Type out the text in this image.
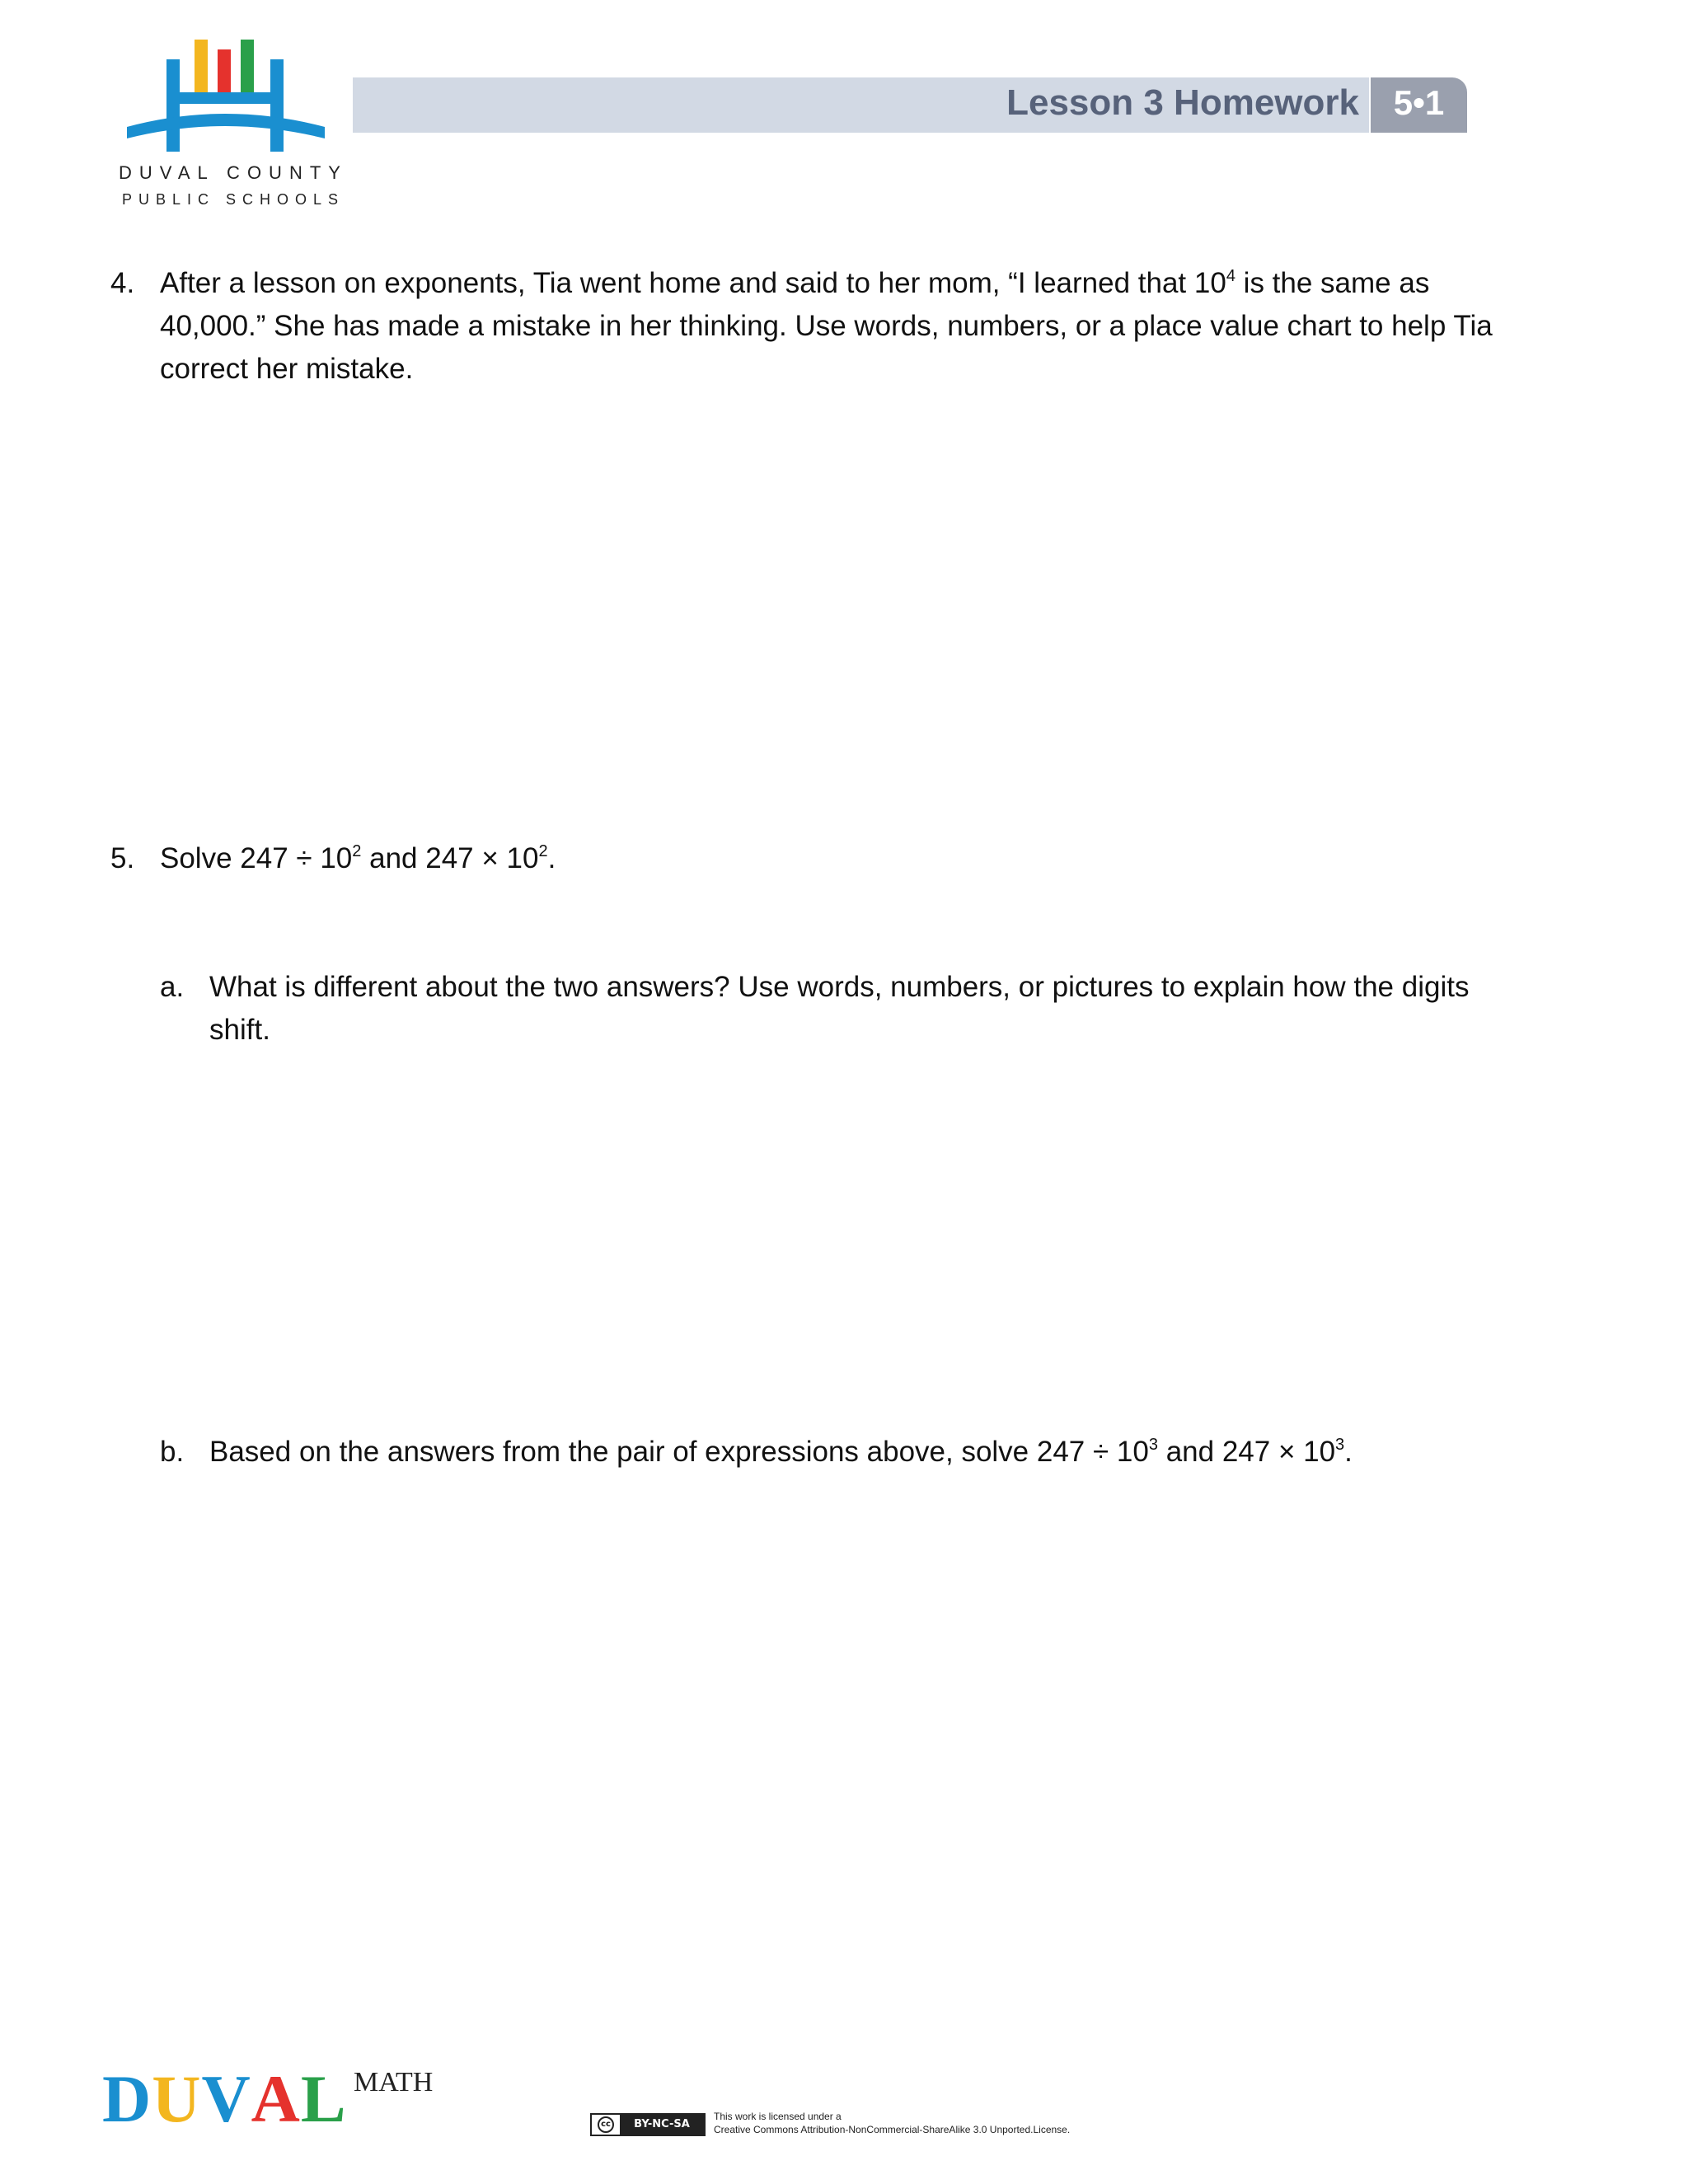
DUVAL COUNTY
PUBLIC SCHOOLS
Lesson 3 Homework 5•1
4. After a lesson on exponents, Tia went home and said to her mom, “I learned that $10^4$ is the same as
40,000.” She has made a mistake in her thinking. Use words, numbers, or a place value chart to help Tia
correct her mistake.
5. Solve $247 \div 10^2$ and $247 \times 10^2$.
a. What is different about the two answers? Use words, numbers, or pictures to explain how the digits
shift.
b. Based on the answers from the pair of expressions above, solve $247 \div 10^3$ and $247 \times 10^3$.
DUVAL MATH
cc	BY-NC-SA
This work is licensed under a
Creative Commons Attribution-NonCommercial-ShareAlike 3.0 Unported.License.
